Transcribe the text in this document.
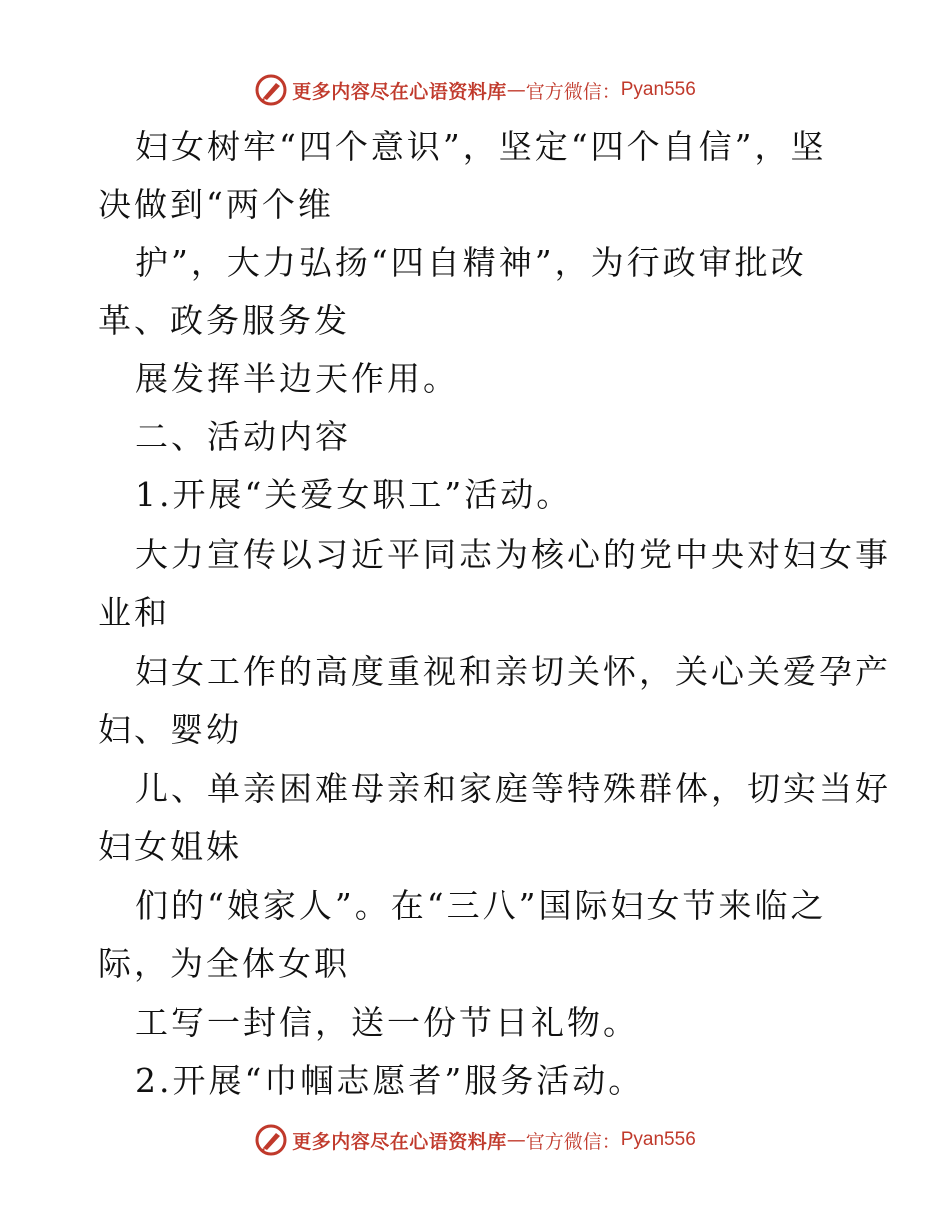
更多内容尽在心语资料库 — 官方微信： Pyan556
妇女树牢“四个意识”，坚定“四个自信”，坚
决做到“两个维
护”，大力弘扬“四自精神”，为行政审批改
革、政务服务发
展发挥半边天作用。
二、活动内容
1.开展“关爱女职工”活动。
大力宣传以习近平同志为核心的党中央对妇女事
业和
妇女工作的高度重视和亲切关怀，关心关爱孕产
妇、婴幼
儿、单亲困难母亲和家庭等特殊群体，切实当好
妇女姐妹
们的“娘家人”。在“三八”国际妇女节来临之
际，为全体女职
工写一封信，送一份节日礼物。
2.开展“巾帼志愿者”服务活动。
更多内容尽在心语资料库 — 官方微信： Pyan556
